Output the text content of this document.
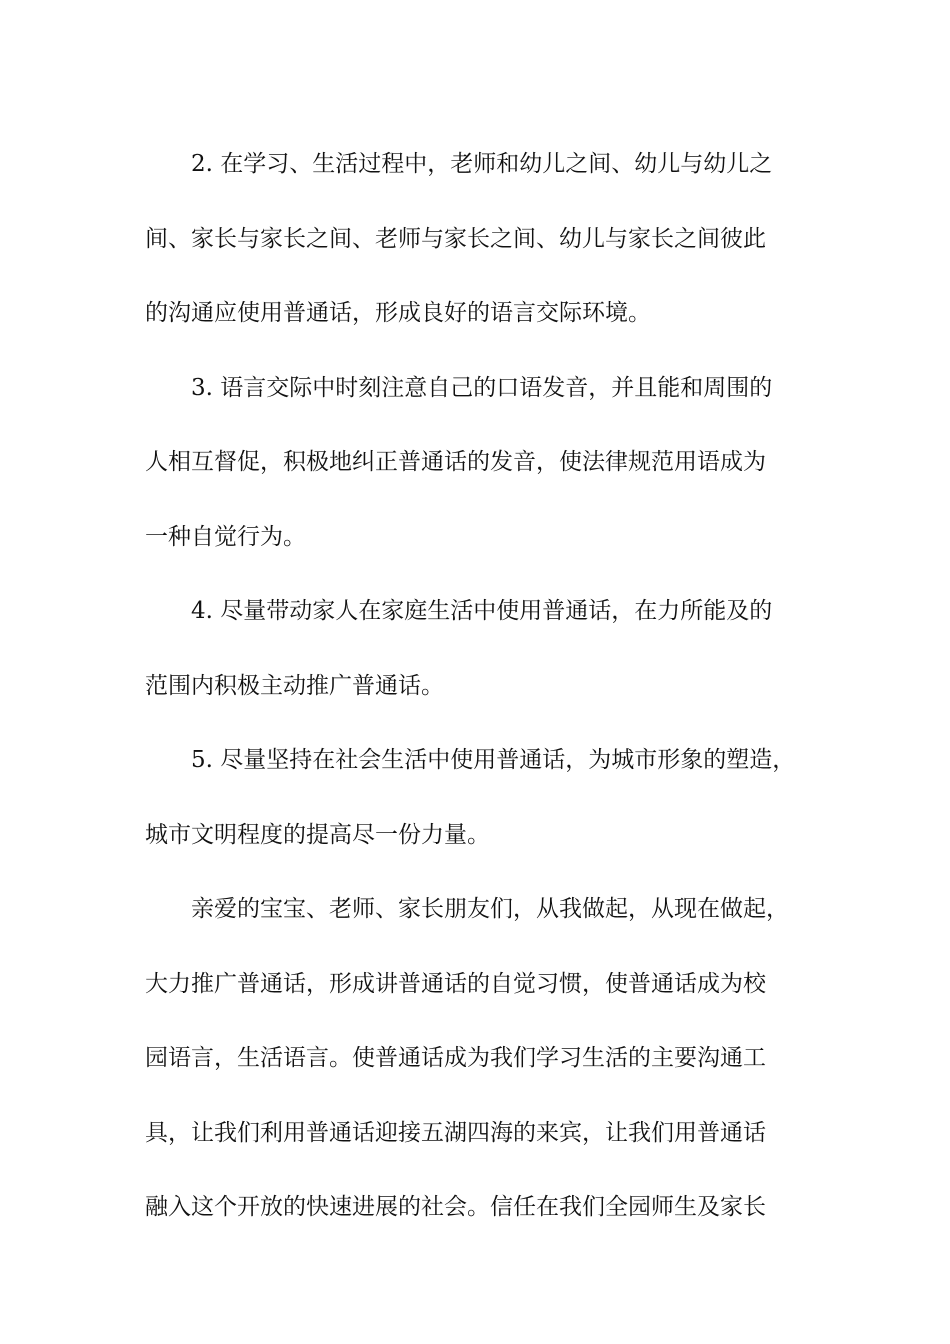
2. 在学习、生活过程中，老师和幼儿之间、幼儿与幼儿之
间、家长与家长之间、老师与家长之间、幼儿与家长之间彼此
的沟通应使用普通话，形成良好的语言交际环境。
3. 语言交际中时刻注意自己的口语发音，并且能和周围的
人相互督促，积极地纠正普通话的发音，使法律规范用语成为
一种自觉行为。
4. 尽量带动家人在家庭生活中使用普通话，在力所能及的
范围内积极主动推广普通话。
5. 尽量坚持在社会生活中使用普通话，为城市形象的塑造，
城市文明程度的提高尽一份力量。
亲爱的宝宝、老师、家长朋友们，从我做起，从现在做起，
大力推广普通话，形成讲普通话的自觉习惯，使普通话成为校
园语言，生活语言。使普通话成为我们学习生活的主要沟通工
具，让我们利用普通话迎接五湖四海的来宾，让我们用普通话
融入这个开放的快速进展的社会。信任在我们全园师生及家长
